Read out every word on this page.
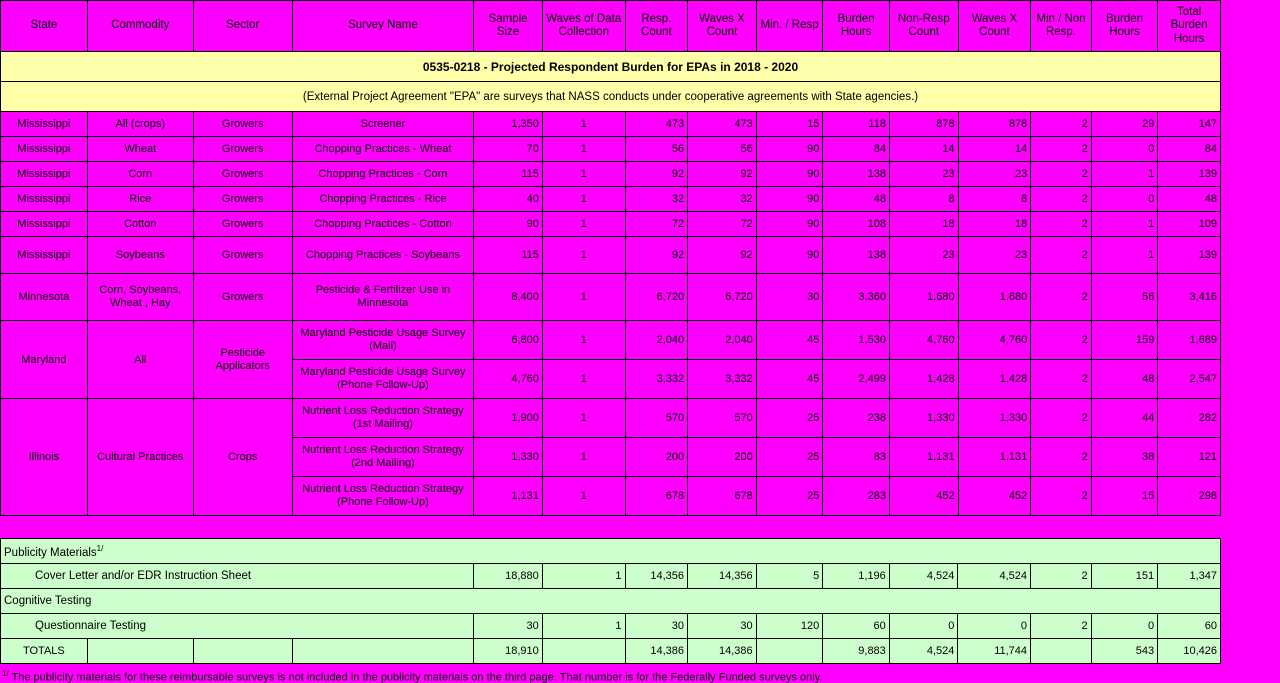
0535-0218 - Projected Respondent Burden for EPAs in 2018 - 2020														
(External Project Agreement "EPA" are surveys that NASS conducts under cooperative agreements with State agencies.)														
State	Commodity	Sector	Survey Name	Sample Size	Waves of Data Collection	Resp. Count	Waves X Count	Min. / Resp	Burden Hours	Non-Resp Count	Waves X Count	Min / Non Resp.	Burden Hours	Total Burden Hours
Mississippi	All (crops)	Growers	Screener	1,350	1	473	473	15	118	878	878	2	29	147
Mississippi	Wheat	Growers	Chopping Practices - Wheat	70	1	56	56	90	84	14	14	2	0	84
Mississippi	Corn	Growers	Chopping Practices - Corn	115	1	92	92	90	138	23	23	2	1	139
Mississippi	Rice	Growers	Chopping Practices - Rice	40	1	32	32	90	48	8	8	2	0	48
Mississippi	Cotton	Growers	Chopping Practices - Cotton	90	1	72	72	90	108	18	18	2	1	109
Mississippi	Soybeans	Growers	Chopping Practices - Soybeans	115	1	92	92	90	138	23	23	2	1	139
Minnesota	Corn, Soybeans, Wheat , Hay	Growers	Pesticide & Fertilizer Use in Minnesota	8,400	1	6,720	6,720	30	3,360	1,680	1,680	2	56	3,416
Maryland	All	Pesticide Applicators	Maryland Pesticide Usage Survey (Mail)	6,800	1	2,040	2,040	45	1,530	4,760	4,760	2	159	1,689
			Maryland Pesticide Usage Survey (Phone Follow-Up)	4,760	1	3,332	3,332	45	2,499	1,428	1,428	2	48	2,547
Illinois	Cultural Practices	Crops	Nutrient Loss Reduction Strategy (1st Mailing)	1,900	1	570	570	25	238	1,330	1,330	2	44	282
			Nutrient Loss Reduction Strategy (2nd Mailing)	1,330	1	200	200	25	83	1,131	1,131	2	38	121
			Nutrient Loss Reduction Strategy (Phone Follow-Up)	1,131	1	678	678	25	283	452	452	2	15	298
Publicity Materials$^{1/}$
Cover Letter and/or EDR Instruction Sheet				18,880	1	14,356	14,356	5	1,196	4,524	4,524	2	151	1,347
Cognitive Testing														
Questionnaire Testing				30	1	30	30	120	60	0	0	2	0	60
TOTALS				18,910		14,386	14,386		9,883	4,524	11,744		543	10,426
$^{1/}$ The publicity materials for these reimbursable surveys is not included in the publicity materials on the third page. That number is for the Federally Funded surveys only.
